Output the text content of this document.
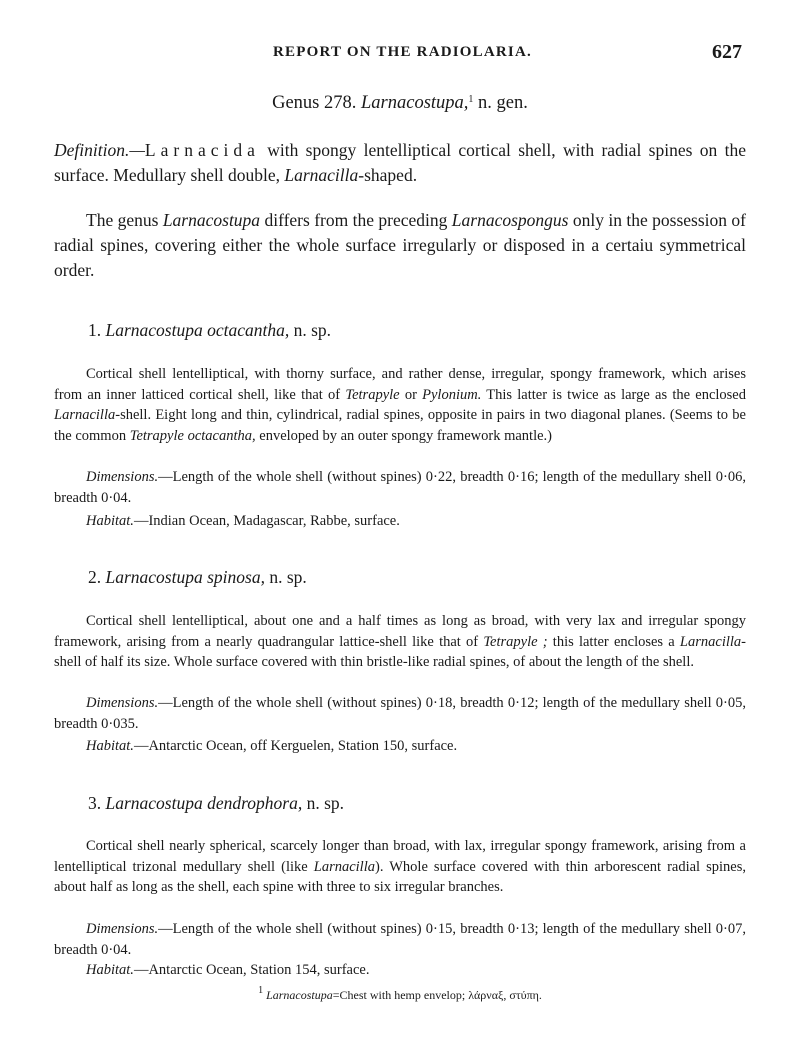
REPORT ON THE RADIOLARIA.	627
Genus 278. Larnacostupa,$^1$ n. gen.
Definition.—Larnacida with spongy lentelliptical cortical shell, with radial spines on the surface. Medullary shell double, Larnacilla-shaped.
The genus Larnacostupa differs from the preceding Larnacospongus only in the possession of radial spines, covering either the whole surface irregularly or disposed in a certaiu symmetrical order.
1. Larnacostupa octacantha, n. sp.
Cortical shell lentelliptical, with thorny surface, and rather dense, irregular, spongy framework, which arises from an inner latticed cortical shell, like that of Tetrapyle or Pylonium. This latter is twice as large as the enclosed Larnacilla-shell. Eight long and thin, cylindrical, radial spines, opposite in pairs in two diagonal planes. (Seems to be the common Tetrapyle octacantha, enveloped by an outer spongy framework mantle.)
Dimensions.—Length of the whole shell (without spines) 0·22, breadth 0·16; length of the medullary shell 0·06, breadth 0·04.
Habitat.—Indian Ocean, Madagascar, Rabbe, surface.
2. Larnacostupa spinosa, n. sp.
Cortical shell lentelliptical, about one and a half times as long as broad, with very lax and irregular spongy framework, arising from a nearly quadrangular lattice-shell like that of Tetrapyle ; this latter encloses a Larnacilla-shell of half its size. Whole surface covered with thin bristle-like radial spines, of about the length of the shell.
Dimensions.—Length of the whole shell (without spines) 0·18, breadth 0·12; length of the medullary shell 0·05, breadth 0·035.
Habitat.—Antarctic Ocean, off Kerguelen, Station 150, surface.
3. Larnacostupa dendrophora, n. sp.
Cortical shell nearly spherical, scarcely longer than broad, with lax, irregular spongy framework, arising from a lentelliptical trizonal medullary shell (like Larnacilla). Whole surface covered with thin arborescent radial spines, about half as long as the shell, each spine with three to six irregular branches.
Dimensions.—Length of the whole shell (without spines) 0·15, breadth 0·13; length of the medullary shell 0·07, breadth 0·04.
Habitat.—Antarctic Ocean, Station 154, surface.
$^1$ Larnacostupa=Chest with hemp envelop; λάρναξ, στύπη.
